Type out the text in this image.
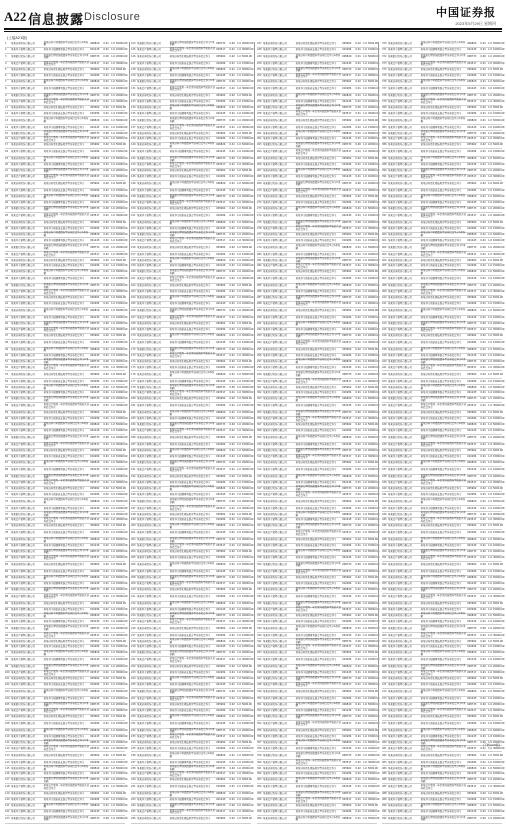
A22 信息披露 Disclosure	中国证券报
2023年5月29日 星期四
(上接A21版)
1	某某证券股份有限公司	某某证券中短债债券型证券投资基金A类份额	006829	0.01 1.0 50000.00
2	某某基金管理有限公司	某某基金稳健增利混合型证券投资基金	001245	0.01 1.0 10000.00
3	某某银行股份有限公司	某某银行理财纯债债券型证券投资基金C类份额	008733	0.00 1.0 20000.00
4	某某资产管理有限公司	某某资产聚利一年定期开放债券型发起式证券投资基金	003517	0.01 1.0 30000.00
5	某某证券股份有限公司	某某证券量化精选股票型证券投资基金	005962	0.02 1.0 5000.00
6	某某基金管理有限公司	某某基金创新成长混合型证券投资基金	010284	0.01 1.0 15000.00
7	某某证券股份有限公司	某某证券中短债债券型证券投资基金A类份额	006829	0.01 1.0 50000.00
8	某某基金管理有限公司	某某基金稳健增利混合型证券投资基金	001245	0.01 1.0 10000.00
9	某某银行股份有限公司	某某银行理财纯债债券型证券投资基金C类份额	008733	0.00 1.0 20000.00
10	某某资产管理有限公司	某某资产聚利一年定期开放债券型发起式证券投资基金	003517	0.01 1.0 30000.00
11	某某证券股份有限公司	某某证券量化精选股票型证券投资基金	005962	0.02 1.0 5000.00
12	某某基金管理有限公司	某某基金创新成长混合型证券投资基金	010284	0.01 1.0 15000.00
13	某某证券股份有限公司	某某证券中短债债券型证券投资基金A类份额	006829	0.01 1.0 50000.00
14	某某基金管理有限公司	某某基金稳健增利混合型证券投资基金	001245	0.01 1.0 10000.00
15	某某银行股份有限公司	某某银行理财纯债债券型证券投资基金C类份额	008733	0.00 1.0 20000.00
16	某某资产管理有限公司	某某资产聚利一年定期开放债券型发起式证券投资基金	003517	0.01 1.0 30000.00
17	某某证券股份有限公司	某某证券量化精选股票型证券投资基金	005962	0.02 1.0 5000.00
18	某某基金管理有限公司	某某基金创新成长混合型证券投资基金	010284	0.01 1.0 15000.00
19	某某证券股份有限公司	某某证券中短债债券型证券投资基金A类份额	006829	0.01 1.0 50000.00
20	某某基金管理有限公司	某某基金稳健增利混合型证券投资基金	001245	0.01 1.0 10000.00
21	某某银行股份有限公司	某某银行理财纯债债券型证券投资基金C类份额	008733	0.00 1.0 20000.00
22	某某资产管理有限公司	某某资产聚利一年定期开放债券型发起式证券投资基金	003517	0.01 1.0 30000.00
23	某某证券股份有限公司	某某证券量化精选股票型证券投资基金	005962	0.02 1.0 5000.00
24	某某基金管理有限公司	某某基金创新成长混合型证券投资基金	010284	0.01 1.0 15000.00
25	某某证券股份有限公司	某某证券中短债债券型证券投资基金A类份额	006829	0.01 1.0 50000.00
26	某某基金管理有限公司	某某基金稳健增利混合型证券投资基金	001245	0.01 1.0 10000.00
27	某某银行股份有限公司	某某银行理财纯债债券型证券投资基金C类份额	008733	0.00 1.0 20000.00
28	某某资产管理有限公司	某某资产聚利一年定期开放债券型发起式证券投资基金	003517	0.01 1.0 30000.00
29	某某证券股份有限公司	某某证券量化精选股票型证券投资基金	005962	0.02 1.0 5000.00
30	某某基金管理有限公司	某某基金创新成长混合型证券投资基金	010284	0.01 1.0 15000.00
31	某某证券股份有限公司	某某证券中短债债券型证券投资基金A类份额	006829	0.01 1.0 50000.00
32	某某基金管理有限公司	某某基金稳健增利混合型证券投资基金	001245	0.01 1.0 10000.00
33	某某银行股份有限公司	某某银行理财纯债债券型证券投资基金C类份额	008733	0.00 1.0 20000.00
34	某某资产管理有限公司	某某资产聚利一年定期开放债券型发起式证券投资基金	003517	0.01 1.0 30000.00
35	某某证券股份有限公司	某某证券量化精选股票型证券投资基金	005962	0.02 1.0 5000.00
36	某某基金管理有限公司	某某基金创新成长混合型证券投资基金	010284	0.01 1.0 15000.00
37	某某证券股份有限公司	某某证券中短债债券型证券投资基金A类份额	006829	0.01 1.0 50000.00
38	某某基金管理有限公司	某某基金稳健增利混合型证券投资基金	001245	0.01 1.0 10000.00
39	某某银行股份有限公司	某某银行理财纯债债券型证券投资基金C类份额	008733	0.00 1.0 20000.00
40	某某资产管理有限公司	某某资产聚利一年定期开放债券型发起式证券投资基金	003517	0.01 1.0 30000.00
41	某某证券股份有限公司	某某证券量化精选股票型证券投资基金	005962	0.02 1.0 5000.00
42	某某基金管理有限公司	某某基金创新成长混合型证券投资基金	010284	0.01 1.0 15000.00
43	某某证券股份有限公司	某某证券中短债债券型证券投资基金A类份额	006829	0.01 1.0 50000.00
44	某某基金管理有限公司	某某基金稳健增利混合型证券投资基金	001245	0.01 1.0 10000.00
45	某某银行股份有限公司	某某银行理财纯债债券型证券投资基金C类份额	008733	0.00 1.0 20000.00
46	某某资产管理有限公司	某某资产聚利一年定期开放债券型发起式证券投资基金	003517	0.01 1.0 30000.00
47	某某证券股份有限公司	某某证券量化精选股票型证券投资基金	005962	0.02 1.0 5000.00
48	某某基金管理有限公司	某某基金创新成长混合型证券投资基金	010284	0.01 1.0 15000.00
49	某某证券股份有限公司	某某证券中短债债券型证券投资基金A类份额	006829	0.01 1.0 50000.00
50	某某基金管理有限公司	某某基金稳健增利混合型证券投资基金	001245	0.01 1.0 10000.00
51	某某银行股份有限公司	某某银行理财纯债债券型证券投资基金C类份额	008733	0.00 1.0 20000.00
52	某某资产管理有限公司	某某资产聚利一年定期开放债券型发起式证券投资基金	003517	0.01 1.0 30000.00
53	某某证券股份有限公司	某某证券量化精选股票型证券投资基金	005962	0.02 1.0 5000.00
54	某某基金管理有限公司	某某基金创新成长混合型证券投资基金	010284	0.01 1.0 15000.00
55	某某证券股份有限公司	某某证券中短债债券型证券投资基金A类份额	006829	0.01 1.0 50000.00
56	某某基金管理有限公司	某某基金稳健增利混合型证券投资基金	001245	0.01 1.0 10000.00
57	某某银行股份有限公司	某某银行理财纯债债券型证券投资基金C类份额	008733	0.00 1.0 20000.00
58	某某资产管理有限公司	某某资产聚利一年定期开放债券型发起式证券投资基金	003517	0.01 1.0 30000.00
59	某某证券股份有限公司	某某证券量化精选股票型证券投资基金	005962	0.02 1.0 5000.00
60	某某基金管理有限公司	某某基金创新成长混合型证券投资基金	010284	0.01 1.0 15000.00
61	某某证券股份有限公司	某某证券中短债债券型证券投资基金A类份额	006829	0.01 1.0 50000.00
62	某某基金管理有限公司	某某基金稳健增利混合型证券投资基金	001245	0.01 1.0 10000.00
63	某某银行股份有限公司	某某银行理财纯债债券型证券投资基金C类份额	008733	0.00 1.0 20000.00
64	某某资产管理有限公司	某某资产聚利一年定期开放债券型发起式证券投资基金	003517	0.01 1.0 30000.00
65	某某证券股份有限公司	某某证券量化精选股票型证券投资基金	005962	0.02 1.0 5000.00
66	某某基金管理有限公司	某某基金创新成长混合型证券投资基金	010284	0.01 1.0 15000.00
67	某某证券股份有限公司	某某证券中短债债券型证券投资基金A类份额	006829	0.01 1.0 50000.00
68	某某基金管理有限公司	某某基金稳健增利混合型证券投资基金	001245	0.01 1.0 10000.00
69	某某银行股份有限公司	某某银行理财纯债债券型证券投资基金C类份额	008733	0.00 1.0 20000.00
70	某某资产管理有限公司	某某资产聚利一年定期开放债券型发起式证券投资基金	003517	0.01 1.0 30000.00
71	某某证券股份有限公司	某某证券量化精选股票型证券投资基金	005962	0.02 1.0 5000.00
72	某某基金管理有限公司	某某基金创新成长混合型证券投资基金	010284	0.01 1.0 15000.00
73	某某证券股份有限公司	某某证券中短债债券型证券投资基金A类份额	006829	0.01 1.0 50000.00
74	某某基金管理有限公司	某某基金稳健增利混合型证券投资基金	001245	0.01 1.0 10000.00
75	某某银行股份有限公司	某某银行理财纯债债券型证券投资基金C类份额	008733	0.00 1.0 20000.00
76	某某资产管理有限公司	某某资产聚利一年定期开放债券型发起式证券投资基金	003517	0.01 1.0 30000.00
77	某某证券股份有限公司	某某证券量化精选股票型证券投资基金	005962	0.02 1.0 5000.00
78	某某基金管理有限公司	某某基金创新成长混合型证券投资基金	010284	0.01 1.0 15000.00
79	某某证券股份有限公司	某某证券中短债债券型证券投资基金A类份额	006829	0.01 1.0 50000.00
80	某某基金管理有限公司	某某基金稳健增利混合型证券投资基金	001245	0.01 1.0 10000.00
81	某某银行股份有限公司	某某银行理财纯债债券型证券投资基金C类份额	008733	0.00 1.0 20000.00
82	某某资产管理有限公司	某某资产聚利一年定期开放债券型发起式证券投资基金	003517	0.01 1.0 30000.00
83	某某证券股份有限公司	某某证券量化精选股票型证券投资基金	005962	0.02 1.0 5000.00
84	某某基金管理有限公司	某某基金创新成长混合型证券投资基金	010284	0.01 1.0 15000.00
85	某某证券股份有限公司	某某证券中短债债券型证券投资基金A类份额	006829	0.01 1.0 50000.00
86	某某基金管理有限公司	某某基金稳健增利混合型证券投资基金	001245	0.01 1.0 10000.00
87	某某银行股份有限公司	某某银行理财纯债债券型证券投资基金C类份额	008733	0.00 1.0 20000.00
88	某某资产管理有限公司	某某资产聚利一年定期开放债券型发起式证券投资基金	003517	0.01 1.0 30000.00
89	某某证券股份有限公司	某某证券量化精选股票型证券投资基金	005962	0.02 1.0 5000.00
90	某某基金管理有限公司	某某基金创新成长混合型证券投资基金	010284	0.01 1.0 15000.00
91	某某证券股份有限公司	某某证券中短债债券型证券投资基金A类份额	006829	0.01 1.0 50000.00
92	某某基金管理有限公司	某某基金稳健增利混合型证券投资基金	001245	0.01 1.0 10000.00
93	某某银行股份有限公司	某某银行理财纯债债券型证券投资基金C类份额	008733	0.00 1.0 20000.00
94	某某资产管理有限公司	某某资产聚利一年定期开放债券型发起式证券投资基金	003517	0.01 1.0 30000.00
95	某某证券股份有限公司	某某证券量化精选股票型证券投资基金	005962	0.02 1.0 5000.00
96	某某基金管理有限公司	某某基金创新成长混合型证券投资基金	010284	0.01 1.0 15000.00
97	某某证券股份有限公司	某某证券中短债债券型证券投资基金A类份额	006829	0.01 1.0 50000.00
98	某某基金管理有限公司	某某基金稳健增利混合型证券投资基金	001245	0.01 1.0 10000.00
99	某某银行股份有限公司	某某银行理财纯债债券型证券投资基金C类份额	008733	0.00 1.0 20000.00
100 某某资产管理有限公司	某某资产聚利一年定期开放债券型发起式证券投资基金	003517	0.01 1.0 30000.00
101 某某证券股份有限公司	某某证券量化精选股票型证券投资基金	005962	0.02 1.0 5000.00
102 某某基金管理有限公司	某某基金创新成长混合型证券投资基金	010284	0.01 1.0 15000.00
103 某某证券股份有限公司	某某证券中短债债券型证券投资基金A类份额	006829	0.01 1.0 50000.00
104 某某基金管理有限公司	某某基金稳健增利混合型证券投资基金	001245	0.01 1.0 10000.00
105 某某银行股份有限公司	某某银行理财纯债债券型证券投资基金C类份额	008733	0.00 1.0 20000.00
106 某某资产管理有限公司	某某资产聚利一年定期开放债券型发起式证券投资基金	003517	0.01 1.0 30000.00
107 某某证券股份有限公司	某某证券量化精选股票型证券投资基金	005962	0.02 1.0 5000.00
108 某某基金管理有限公司	某某基金创新成长混合型证券投资基金	010284	0.01 1.0 15000.00
109 某某证券股份有限公司	某某证券中短债债券型证券投资基金A类份额	006829	0.01 1.0 50000.00
110 某某基金管理有限公司	某某基金稳健增利混合型证券投资基金	001245	0.01 1.0 10000.00
111 某某银行股份有限公司	某某银行理财纯债债券型证券投资基金C类份额	008733	0.00 1.0 20000.00
112 某某资产管理有限公司	某某资产聚利一年定期开放债券型发起式证券投资基金	003517	0.01 1.0 30000.00
113 某某证券股份有限公司	某某证券量化精选股票型证券投资基金	005962	0.02 1.0 5000.00
114 某某基金管理有限公司	某某基金创新成长混合型证券投资基金	010284	0.01 1.0 15000.00
115 某某证券股份有限公司	某某证券中短债债券型证券投资基金A类份额	006829	0.01 1.0 50000.00
116 某某基金管理有限公司	某某基金稳健增利混合型证券投资基金	001245	0.01 1.0 10000.00
117 某某银行股份有限公司	某某银行理财纯债债券型证券投资基金C类份额	008733	0.00 1.0 20000.00
118 某某资产管理有限公司	某某资产聚利一年定期开放债券型发起式证券投资基金	003517	0.01 1.0 30000.00
119 某某证券股份有限公司	某某证券量化精选股票型证券投资基金	005962	0.02 1.0 5000.00
120 某某基金管理有限公司	某某基金创新成长混合型证券投资基金	010284	0.01 1.0 15000.00
121 某某证券股份有限公司	某某证券中短债债券型证券投资基金A类份额	006829	0.01 1.0 50000.00
122 某某基金管理有限公司	某某基金稳健增利混合型证券投资基金	001245	0.01 1.0 10000.00
123 某某银行股份有限公司	某某银行理财纯债债券型证券投资基金C类份额	008733	0.00 1.0 20000.00
124 某某银行股份有限公司	某某银行理财纯债债券型证券投资基金C类份额	008733	0.00 1.0 20000.00
125 某某资产管理有限公司	某某资产聚利一年定期开放债券型发起式证券投资基金	003517	0.01 1.0 30000.00
126 某某证券股份有限公司	某某证券量化精选股票型证券投资基金	005962	0.02 1.0 5000.00
127 某某基金管理有限公司	某某基金创新成长混合型证券投资基金	010284	0.01 1.0 15000.00
128 某某证券股份有限公司	某某证券中短债债券型证券投资基金A类份额	006829	0.01 1.0 50000.00
129 某某基金管理有限公司	某某基金稳健增利混合型证券投资基金	001245	0.01 1.0 10000.00
130 某某银行股份有限公司	某某银行理财纯债债券型证券投资基金C类份额	008733	0.00 1.0 20000.00
131 某某资产管理有限公司	某某资产聚利一年定期开放债券型发起式证券投资基金	003517	0.01 1.0 30000.00
132 某某证券股份有限公司	某某证券量化精选股票型证券投资基金	005962	0.02 1.0 5000.00
133 某某基金管理有限公司	某某基金创新成长混合型证券投资基金	010284	0.01 1.0 15000.00
134 某某证券股份有限公司	某某证券中短债债券型证券投资基金A类份额	006829	0.01 1.0 50000.00
135 某某基金管理有限公司	某某基金稳健增利混合型证券投资基金	001245	0.01 1.0 10000.00
136 某某银行股份有限公司	某某银行理财纯债债券型证券投资基金C类份额	008733	0.00 1.0 20000.00
137 某某资产管理有限公司	某某资产聚利一年定期开放债券型发起式证券投资基金	003517	0.01 1.0 30000.00
138 某某证券股份有限公司	某某证券量化精选股票型证券投资基金	005962	0.02 1.0 5000.00
139 某某基金管理有限公司	某某基金创新成长混合型证券投资基金	010284	0.01 1.0 15000.00
140 某某证券股份有限公司	某某证券中短债债券型证券投资基金A类份额	006829	0.01 1.0 50000.00
141 某某基金管理有限公司	某某基金稳健增利混合型证券投资基金	001245	0.01 1.0 10000.00
142 某某银行股份有限公司	某某银行理财纯债债券型证券投资基金C类份额	008733	0.00 1.0 20000.00
143 某某资产管理有限公司	某某资产聚利一年定期开放债券型发起式证券投资基金	003517	0.01 1.0 30000.00
144 某某证券股份有限公司	某某证券量化精选股票型证券投资基金	005962	0.02 1.0 5000.00
145 某某基金管理有限公司	某某基金创新成长混合型证券投资基金	010284	0.01 1.0 15000.00
146 某某证券股份有限公司	某某证券中短债债券型证券投资基金A类份额	006829	0.01 1.0 50000.00
147 某某基金管理有限公司	某某基金稳健增利混合型证券投资基金	001245	0.01 1.0 10000.00
148 某某银行股份有限公司	某某银行理财纯债债券型证券投资基金C类份额	008733	0.00 1.0 20000.00
149 某某资产管理有限公司	某某资产聚利一年定期开放债券型发起式证券投资基金	003517	0.01 1.0 30000.00
150 某某证券股份有限公司	某某证券量化精选股票型证券投资基金	005962	0.02 1.0 5000.00
151 某某基金管理有限公司	某某基金创新成长混合型证券投资基金	010284	0.01 1.0 15000.00
152 某某证券股份有限公司	某某证券中短债债券型证券投资基金A类份额	006829	0.01 1.0 50000.00
153 某某基金管理有限公司	某某基金稳健增利混合型证券投资基金	001245	0.01 1.0 10000.00
154 某某银行股份有限公司	某某银行理财纯债债券型证券投资基金C类份额	008733	0.00 1.0 20000.00
155 某某资产管理有限公司	某某资产聚利一年定期开放债券型发起式证券投资基金	003517	0.01 1.0 30000.00
156 某某证券股份有限公司	某某证券量化精选股票型证券投资基金	005962	0.02 1.0 5000.00
157 某某基金管理有限公司	某某基金创新成长混合型证券投资基金	010284	0.01 1.0 15000.00
158 某某证券股份有限公司	某某证券中短债债券型证券投资基金A类份额	006829	0.01 1.0 50000.00
159 某某基金管理有限公司	某某基金稳健增利混合型证券投资基金	001245	0.01 1.0 10000.00
160 某某银行股份有限公司	某某银行理财纯债债券型证券投资基金C类份额	008733	0.00 1.0 20000.00
161 某某资产管理有限公司	某某资产聚利一年定期开放债券型发起式证券投资基金	003517	0.01 1.0 30000.00
162 某某证券股份有限公司	某某证券量化精选股票型证券投资基金	005962	0.02 1.0 5000.00
163 某某基金管理有限公司	某某基金创新成长混合型证券投资基金	010284	0.01 1.0 15000.00
164 某某证券股份有限公司	某某证券中短债债券型证券投资基金A类份额	006829	0.01 1.0 50000.00
165 某某基金管理有限公司	某某基金稳健增利混合型证券投资基金	001245	0.01 1.0 10000.00
166 某某银行股份有限公司	某某银行理财纯债债券型证券投资基金C类份额	008733	0.00 1.0 20000.00
167 某某资产管理有限公司	某某资产聚利一年定期开放债券型发起式证券投资基金	003517	0.01 1.0 30000.00
168 某某证券股份有限公司	某某证券量化精选股票型证券投资基金	005962	0.02 1.0 5000.00
169 某某基金管理有限公司	某某基金创新成长混合型证券投资基金	010284	0.01 1.0 15000.00
170 某某证券股份有限公司	某某证券中短债债券型证券投资基金A类份额	006829	0.01 1.0 50000.00
171 某某基金管理有限公司	某某基金稳健增利混合型证券投资基金	001245	0.01 1.0 10000.00
172 某某银行股份有限公司	某某银行理财纯债债券型证券投资基金C类份额	008733	0.00 1.0 20000.00
173 某某资产管理有限公司	某某资产聚利一年定期开放债券型发起式证券投资基金	003517	0.01 1.0 30000.00
174 某某证券股份有限公司	某某证券量化精选股票型证券投资基金	005962	0.02 1.0 5000.00
175 某某基金管理有限公司	某某基金创新成长混合型证券投资基金	010284	0.01 1.0 15000.00
176 某某证券股份有限公司	某某证券中短债债券型证券投资基金A类份额	006829	0.01 1.0 50000.00
177 某某基金管理有限公司	某某基金稳健增利混合型证券投资基金	001245	0.01 1.0 10000.00
178 某某银行股份有限公司	某某银行理财纯债债券型证券投资基金C类份额	008733	0.00 1.0 20000.00
179 某某资产管理有限公司	某某资产聚利一年定期开放债券型发起式证券投资基金	003517	0.01 1.0 30000.00
180 某某证券股份有限公司	某某证券量化精选股票型证券投资基金	005962	0.02 1.0 5000.00
181 某某基金管理有限公司	某某基金创新成长混合型证券投资基金	010284	0.01 1.0 15000.00
182 某某证券股份有限公司	某某证券中短债债券型证券投资基金A类份额	006829	0.01 1.0 50000.00
183 某某基金管理有限公司	某某基金稳健增利混合型证券投资基金	001245	0.01 1.0 10000.00
184 某某银行股份有限公司	某某银行理财纯债债券型证券投资基金C类份额	008733	0.00 1.0 20000.00
185 某某资产管理有限公司	某某资产聚利一年定期开放债券型发起式证券投资基金	003517	0.01 1.0 30000.00
186 某某证券股份有限公司	某某证券量化精选股票型证券投资基金	005962	0.02 1.0 5000.00
187 某某基金管理有限公司	某某基金创新成长混合型证券投资基金	010284	0.01 1.0 15000.00
188 某某证券股份有限公司	某某证券中短债债券型证券投资基金A类份额	006829	0.01 1.0 50000.00
189 某某基金管理有限公司	某某基金稳健增利混合型证券投资基金	001245	0.01 1.0 10000.00
190 某某银行股份有限公司	某某银行理财纯债债券型证券投资基金C类份额	008733	0.00 1.0 20000.00
191 某某资产管理有限公司	某某资产聚利一年定期开放债券型发起式证券投资基金	003517	0.01 1.0 30000.00
192 某某证券股份有限公司	某某证券量化精选股票型证券投资基金	005962	0.02 1.0 5000.00
193 某某基金管理有限公司	某某基金创新成长混合型证券投资基金	010284	0.01 1.0 15000.00
194 某某证券股份有限公司	某某证券中短债债券型证券投资基金A类份额	006829	0.01 1.0 50000.00
195 某某基金管理有限公司	某某基金稳健增利混合型证券投资基金	001245	0.01 1.0 10000.00
196 某某银行股份有限公司	某某银行理财纯债债券型证券投资基金C类份额	008733	0.00 1.0 20000.00
197 某某资产管理有限公司	某某资产聚利一年定期开放债券型发起式证券投资基金	003517	0.01 1.0 30000.00
198 某某证券股份有限公司	某某证券量化精选股票型证券投资基金	005962	0.02 1.0 5000.00
199 某某基金管理有限公司	某某基金创新成长混合型证券投资基金	010284	0.01 1.0 15000.00
200 某某证券股份有限公司	某某证券中短债债券型证券投资基金A类份额	006829	0.01 1.0 50000.00
201 某某基金管理有限公司	某某基金稳健增利混合型证券投资基金	001245	0.01 1.0 10000.00
202 某某银行股份有限公司	某某银行理财纯债债券型证券投资基金C类份额	008733	0.00 1.0 20000.00
203 某某资产管理有限公司	某某资产聚利一年定期开放债券型发起式证券投资基金	003517	0.01 1.0 30000.00
204 某某证券股份有限公司	某某证券量化精选股票型证券投资基金	005962	0.02 1.0 5000.00
205 某某基金管理有限公司	某某基金创新成长混合型证券投资基金	010284	0.01 1.0 15000.00
206 某某证券股份有限公司	某某证券中短债债券型证券投资基金A类份额	006829	0.01 1.0 50000.00
207 某某基金管理有限公司	某某基金稳健增利混合型证券投资基金	001245	0.01 1.0 10000.00
208 某某银行股份有限公司	某某银行理财纯债债券型证券投资基金C类份额	008733	0.00 1.0 20000.00
209 某某资产管理有限公司	某某资产聚利一年定期开放债券型发起式证券投资基金	003517	0.01 1.0 30000.00
210 某某证券股份有限公司	某某证券量化精选股票型证券投资基金	005962	0.02 1.0 5000.00
211 某某基金管理有限公司	某某基金创新成长混合型证券投资基金	010284	0.01 1.0 15000.00
212 某某证券股份有限公司	某某证券中短债债券型证券投资基金A类份额	006829	0.01 1.0 50000.00
213 某某基金管理有限公司	某某基金稳健增利混合型证券投资基金	001245	0.01 1.0 10000.00
214 某某银行股份有限公司	某某银行理财纯债债券型证券投资基金C类份额	008733	0.00 1.0 20000.00
215 某某资产管理有限公司	某某资产聚利一年定期开放债券型发起式证券投资基金	003517	0.01 1.0 30000.00
216 某某证券股份有限公司	某某证券量化精选股票型证券投资基金	005962	0.02 1.0 5000.00
217 某某基金管理有限公司	某某基金创新成长混合型证券投资基金	010284	0.01 1.0 15000.00
218 某某证券股份有限公司	某某证券中短债债券型证券投资基金A类份额	006829	0.01 1.0 50000.00
219 某某基金管理有限公司	某某基金稳健增利混合型证券投资基金	001245	0.01 1.0 10000.00
220 某某银行股份有限公司	某某银行理财纯债债券型证券投资基金C类份额	008733	0.00 1.0 20000.00
221 某某资产管理有限公司	某某资产聚利一年定期开放债券型发起式证券投资基金	003517	0.01 1.0 30000.00
222 某某证券股份有限公司	某某证券量化精选股票型证券投资基金	005962	0.02 1.0 5000.00
223 某某基金管理有限公司	某某基金创新成长混合型证券投资基金	010284	0.01 1.0 15000.00
224 某某证券股份有限公司	某某证券中短债债券型证券投资基金A类份额	006829	0.01 1.0 50000.00
225 某某基金管理有限公司	某某基金稳健增利混合型证券投资基金	001245	0.01 1.0 10000.00
226 某某银行股份有限公司	某某银行理财纯债债券型证券投资基金C类份额	008733	0.00 1.0 20000.00
227 某某资产管理有限公司	某某资产聚利一年定期开放债券型发起式证券投资基金	003517	0.01 1.0 30000.00
228 某某证券股份有限公司	某某证券量化精选股票型证券投资基金	005962	0.02 1.0 5000.00
229 某某基金管理有限公司	某某基金创新成长混合型证券投资基金	010284	0.01 1.0 15000.00
230 某某证券股份有限公司	某某证券中短债债券型证券投资基金A类份额	006829	0.01 1.0 50000.00
231 某某基金管理有限公司	某某基金稳健增利混合型证券投资基金	001245	0.01 1.0 10000.00
232 某某银行股份有限公司	某某银行理财纯债债券型证券投资基金C类份额	008733	0.00 1.0 20000.00
233 某某资产管理有限公司	某某资产聚利一年定期开放债券型发起式证券投资基金	003517	0.01 1.0 30000.00
234 某某证券股份有限公司	某某证券量化精选股票型证券投资基金	005962	0.02 1.0 5000.00
235 某某基金管理有限公司	某某基金创新成长混合型证券投资基金	010284	0.01 1.0 15000.00
236 某某证券股份有限公司	某某证券中短债债券型证券投资基金A类份额	006829	0.01 1.0 50000.00
237 某某基金管理有限公司	某某基金稳健增利混合型证券投资基金	001245	0.01 1.0 10000.00
238 某某银行股份有限公司	某某银行理财纯债债券型证券投资基金C类份额	008733	0.00 1.0 20000.00
239 某某资产管理有限公司	某某资产聚利一年定期开放债券型发起式证券投资基金	003517	0.01 1.0 30000.00
240 某某证券股份有限公司	某某证券量化精选股票型证券投资基金	005962	0.02 1.0 5000.00
241 某某基金管理有限公司	某某基金创新成长混合型证券投资基金	010284	0.01 1.0 15000.00
242 某某证券股份有限公司	某某证券中短债债券型证券投资基金A类份额	006829	0.01 1.0 50000.00
243 某某基金管理有限公司	某某基金稳健增利混合型证券投资基金	001245	0.01 1.0 10000.00
244 某某银行股份有限公司	某某银行理财纯债债券型证券投资基金C类份额	008733	0.00 1.0 20000.00
245 某某资产管理有限公司	某某资产聚利一年定期开放债券型发起式证券投资基金	003517	0.01 1.0 30000.00
246 某某证券股份有限公司	某某证券量化精选股票型证券投资基金	005962	0.02 1.0 5000.00
247 某某证券股份有限公司	某某证券量化精选股票型证券投资基金	005962	0.02 1.0 5000.00
248 某某基金管理有限公司	某某基金创新成长混合型证券投资基金	010284	0.01 1.0 15000.00
249 某某证券股份有限公司	某某证券中短债债券型证券投资基金A类份额	006829	0.01 1.0 50000.00
250 某某基金管理有限公司	某某基金稳健增利混合型证券投资基金	001245	0.01 1.0 10000.00
251 某某银行股份有限公司	某某银行理财纯债债券型证券投资基金C类份额	008733	0.00 1.0 20000.00
252 某某资产管理有限公司	某某资产聚利一年定期开放债券型发起式证券投资基金	003517	0.01 1.0 30000.00
253 某某证券股份有限公司	某某证券量化精选股票型证券投资基金	005962	0.02 1.0 5000.00
254 某某基金管理有限公司	某某基金创新成长混合型证券投资基金	010284	0.01 1.0 15000.00
255 某某证券股份有限公司	某某证券中短债债券型证券投资基金A类份额	006829	0.01 1.0 50000.00
256 某某基金管理有限公司	某某基金稳健增利混合型证券投资基金	001245	0.01 1.0 10000.00
257 某某银行股份有限公司	某某银行理财纯债债券型证券投资基金C类份额	008733	0.00 1.0 20000.00
258 某某资产管理有限公司	某某资产聚利一年定期开放债券型发起式证券投资基金	003517	0.01 1.0 30000.00
259 某某证券股份有限公司	某某证券量化精选股票型证券投资基金	005962	0.02 1.0 5000.00
260 某某基金管理有限公司	某某基金创新成长混合型证券投资基金	010284	0.01 1.0 15000.00
261 某某证券股份有限公司	某某证券中短债债券型证券投资基金A类份额	006829	0.01 1.0 50000.00
262 某某基金管理有限公司	某某基金稳健增利混合型证券投资基金	001245	0.01 1.0 10000.00
263 某某银行股份有限公司	某某银行理财纯债债券型证券投资基金C类份额	008733	0.00 1.0 20000.00
264 某某资产管理有限公司	某某资产聚利一年定期开放债券型发起式证券投资基金	003517	0.01 1.0 30000.00
265 某某证券股份有限公司	某某证券量化精选股票型证券投资基金	005962	0.02 1.0 5000.00
266 某某基金管理有限公司	某某基金创新成长混合型证券投资基金	010284	0.01 1.0 15000.00
267 某某证券股份有限公司	某某证券中短债债券型证券投资基金A类份额	006829	0.01 1.0 50000.00
268 某某基金管理有限公司	某某基金稳健增利混合型证券投资基金	001245	0.01 1.0 10000.00
269 某某银行股份有限公司	某某银行理财纯债债券型证券投资基金C类份额	008733	0.00 1.0 20000.00
270 某某资产管理有限公司	某某资产聚利一年定期开放债券型发起式证券投资基金	003517	0.01 1.0 30000.00
271 某某证券股份有限公司	某某证券量化精选股票型证券投资基金	005962	0.02 1.0 5000.00
272 某某基金管理有限公司	某某基金创新成长混合型证券投资基金	010284	0.01 1.0 15000.00
273 某某证券股份有限公司	某某证券中短债债券型证券投资基金A类份额	006829	0.01 1.0 50000.00
274 某某基金管理有限公司	某某基金稳健增利混合型证券投资基金	001245	0.01 1.0 10000.00
275 某某银行股份有限公司	某某银行理财纯债债券型证券投资基金C类份额	008733	0.00 1.0 20000.00
276 某某资产管理有限公司	某某资产聚利一年定期开放债券型发起式证券投资基金	003517	0.01 1.0 30000.00
277 某某证券股份有限公司	某某证券量化精选股票型证券投资基金	005962	0.02 1.0 5000.00
278 某某基金管理有限公司	某某基金创新成长混合型证券投资基金	010284	0.01 1.0 15000.00
279 某某证券股份有限公司	某某证券中短债债券型证券投资基金A类份额	006829	0.01 1.0 50000.00
280 某某基金管理有限公司	某某基金稳健增利混合型证券投资基金	001245	0.01 1.0 10000.00
281 某某银行股份有限公司	某某银行理财纯债债券型证券投资基金C类份额	008733	0.00 1.0 20000.00
282 某某资产管理有限公司	某某资产聚利一年定期开放债券型发起式证券投资基金	003517	0.01 1.0 30000.00
283 某某证券股份有限公司	某某证券量化精选股票型证券投资基金	005962	0.02 1.0 5000.00
284 某某基金管理有限公司	某某基金创新成长混合型证券投资基金	010284	0.01 1.0 15000.00
285 某某证券股份有限公司	某某证券中短债债券型证券投资基金A类份额	006829	0.01 1.0 50000.00
286 某某基金管理有限公司	某某基金稳健增利混合型证券投资基金	001245	0.01 1.0 10000.00
287 某某银行股份有限公司	某某银行理财纯债债券型证券投资基金C类份额	008733	0.00 1.0 20000.00
288 某某资产管理有限公司	某某资产聚利一年定期开放债券型发起式证券投资基金	003517	0.01 1.0 30000.00
289 某某证券股份有限公司	某某证券量化精选股票型证券投资基金	005962	0.02 1.0 5000.00
290 某某基金管理有限公司	某某基金创新成长混合型证券投资基金	010284	0.01 1.0 15000.00
291 某某证券股份有限公司	某某证券中短债债券型证券投资基金A类份额	006829	0.01 1.0 50000.00
292 某某基金管理有限公司	某某基金稳健增利混合型证券投资基金	001245	0.01 1.0 10000.00
293 某某银行股份有限公司	某某银行理财纯债债券型证券投资基金C类份额	008733	0.00 1.0 20000.00
294 某某资产管理有限公司	某某资产聚利一年定期开放债券型发起式证券投资基金	003517	0.01 1.0 30000.00
295 某某证券股份有限公司	某某证券量化精选股票型证券投资基金	005962	0.02 1.0 5000.00
296 某某基金管理有限公司	某某基金创新成长混合型证券投资基金	010284	0.01 1.0 15000.00
297 某某证券股份有限公司	某某证券中短债债券型证券投资基金A类份额	006829	0.01 1.0 50000.00
298 某某基金管理有限公司	某某基金稳健增利混合型证券投资基金	001245	0.01 1.0 10000.00
299 某某银行股份有限公司	某某银行理财纯债债券型证券投资基金C类份额	008733	0.00 1.0 20000.00
300 某某资产管理有限公司	某某资产聚利一年定期开放债券型发起式证券投资基金	003517	0.01 1.0 30000.00
301 某某证券股份有限公司	某某证券量化精选股票型证券投资基金	005962	0.02 1.0 5000.00
302 某某基金管理有限公司	某某基金创新成长混合型证券投资基金	010284	0.01 1.0 15000.00
303 某某证券股份有限公司	某某证券中短债债券型证券投资基金A类份额	006829	0.01 1.0 50000.00
304 某某基金管理有限公司	某某基金稳健增利混合型证券投资基金	001245	0.01 1.0 10000.00
305 某某银行股份有限公司	某某银行理财纯债债券型证券投资基金C类份额	008733	0.00 1.0 20000.00
306 某某资产管理有限公司	某某资产聚利一年定期开放债券型发起式证券投资基金	003517	0.01 1.0 30000.00
307 某某证券股份有限公司	某某证券量化精选股票型证券投资基金	005962	0.02 1.0 5000.00
308 某某基金管理有限公司	某某基金创新成长混合型证券投资基金	010284	0.01 1.0 15000.00
309 某某证券股份有限公司	某某证券中短债债券型证券投资基金A类份额	006829	0.01 1.0 50000.00
310 某某基金管理有限公司	某某基金稳健增利混合型证券投资基金	001245	0.01 1.0 10000.00
311 某某银行股份有限公司	某某银行理财纯债债券型证券投资基金C类份额	008733	0.00 1.0 20000.00
312 某某资产管理有限公司	某某资产聚利一年定期开放债券型发起式证券投资基金	003517	0.01 1.0 30000.00
313 某某证券股份有限公司	某某证券量化精选股票型证券投资基金	005962	0.02 1.0 5000.00
314 某某基金管理有限公司	某某基金创新成长混合型证券投资基金	010284	0.01 1.0 15000.00
315 某某证券股份有限公司	某某证券中短债债券型证券投资基金A类份额	006829	0.01 1.0 50000.00
316 某某基金管理有限公司	某某基金稳健增利混合型证券投资基金	001245	0.01 1.0 10000.00
317 某某银行股份有限公司	某某银行理财纯债债券型证券投资基金C类份额	008733	0.00 1.0 20000.00
318 某某资产管理有限公司	某某资产聚利一年定期开放债券型发起式证券投资基金	003517	0.01 1.0 30000.00
319 某某证券股份有限公司	某某证券量化精选股票型证券投资基金	005962	0.02 1.0 5000.00
320 某某基金管理有限公司	某某基金创新成长混合型证券投资基金	010284	0.01 1.0 15000.00
321 某某证券股份有限公司	某某证券中短债债券型证券投资基金A类份额	006829	0.01 1.0 50000.00
322 某某基金管理有限公司	某某基金稳健增利混合型证券投资基金	001245	0.01 1.0 10000.00
323 某某银行股份有限公司	某某银行理财纯债债券型证券投资基金C类份额	008733	0.00 1.0 20000.00
324 某某资产管理有限公司	某某资产聚利一年定期开放债券型发起式证券投资基金	003517	0.01 1.0 30000.00
325 某某证券股份有限公司	某某证券量化精选股票型证券投资基金	005962	0.02 1.0 5000.00
326 某某基金管理有限公司	某某基金创新成长混合型证券投资基金	010284	0.01 1.0 15000.00
327 某某证券股份有限公司	某某证券中短债债券型证券投资基金A类份额	006829	0.01 1.0 50000.00
328 某某基金管理有限公司	某某基金稳健增利混合型证券投资基金	001245	0.01 1.0 10000.00
329 某某银行股份有限公司	某某银行理财纯债债券型证券投资基金C类份额	008733	0.00 1.0 20000.00
330 某某资产管理有限公司	某某资产聚利一年定期开放债券型发起式证券投资基金	003517	0.01 1.0 30000.00
331 某某证券股份有限公司	某某证券量化精选股票型证券投资基金	005962	0.02 1.0 5000.00
332 某某基金管理有限公司	某某基金创新成长混合型证券投资基金	010284	0.01 1.0 15000.00
333 某某证券股份有限公司	某某证券中短债债券型证券投资基金A类份额	006829	0.01 1.0 50000.00
334 某某基金管理有限公司	某某基金稳健增利混合型证券投资基金	001245	0.01 1.0 10000.00
335 某某银行股份有限公司	某某银行理财纯债债券型证券投资基金C类份额	008733	0.00 1.0 20000.00
336 某某资产管理有限公司	某某资产聚利一年定期开放债券型发起式证券投资基金	003517	0.01 1.0 30000.00
337 某某证券股份有限公司	某某证券量化精选股票型证券投资基金	005962	0.02 1.0 5000.00
338 某某基金管理有限公司	某某基金创新成长混合型证券投资基金	010284	0.01 1.0 15000.00
339 某某证券股份有限公司	某某证券中短债债券型证券投资基金A类份额	006829	0.01 1.0 50000.00
340 某某基金管理有限公司	某某基金稳健增利混合型证券投资基金	001245	0.01 1.0 10000.00
341 某某银行股份有限公司	某某银行理财纯债债券型证券投资基金C类份额	008733	0.00 1.0 20000.00
342 某某资产管理有限公司	某某资产聚利一年定期开放债券型发起式证券投资基金	003517	0.01 1.0 30000.00
343 某某证券股份有限公司	某某证券量化精选股票型证券投资基金	005962	0.02 1.0 5000.00
344 某某基金管理有限公司	某某基金创新成长混合型证券投资基金	010284	0.01 1.0 15000.00
345 某某证券股份有限公司	某某证券中短债债券型证券投资基金A类份额	006829	0.01 1.0 50000.00
346 某某基金管理有限公司	某某基金稳健增利混合型证券投资基金	001245	0.01 1.0 10000.00
347 某某银行股份有限公司	某某银行理财纯债债券型证券投资基金C类份额	008733	0.00 1.0 20000.00
348 某某资产管理有限公司	某某资产聚利一年定期开放债券型发起式证券投资基金	003517	0.01 1.0 30000.00
349 某某证券股份有限公司	某某证券量化精选股票型证券投资基金	005962	0.02 1.0 5000.00
350 某某基金管理有限公司	某某基金创新成长混合型证券投资基金	010284	0.01 1.0 15000.00
351 某某证券股份有限公司	某某证券中短债债券型证券投资基金A类份额	006829	0.01 1.0 50000.00
352 某某基金管理有限公司	某某基金稳健增利混合型证券投资基金	001245	0.01 1.0 10000.00
353 某某银行股份有限公司	某某银行理财纯债债券型证券投资基金C类份额	008733	0.00 1.0 20000.00
354 某某资产管理有限公司	某某资产聚利一年定期开放债券型发起式证券投资基金	003517	0.01 1.0 30000.00
355 某某证券股份有限公司	某某证券量化精选股票型证券投资基金	005962	0.02 1.0 5000.00
356 某某基金管理有限公司	某某基金创新成长混合型证券投资基金	010284	0.01 1.0 15000.00
357 某某证券股份有限公司	某某证券中短债债券型证券投资基金A类份额	006829	0.01 1.0 50000.00
358 某某基金管理有限公司	某某基金稳健增利混合型证券投资基金	001245	0.01 1.0 10000.00
359 某某银行股份有限公司	某某银行理财纯债债券型证券投资基金C类份额	008733	0.00 1.0 20000.00
360 某某资产管理有限公司	某某资产聚利一年定期开放债券型发起式证券投资基金	003517	0.01 1.0 30000.00
361 某某证券股份有限公司	某某证券量化精选股票型证券投资基金	005962	0.02 1.0 5000.00
362 某某基金管理有限公司	某某基金创新成长混合型证券投资基金	010284	0.01 1.0 15000.00
363 某某证券股份有限公司	某某证券中短债债券型证券投资基金A类份额	006829	0.01 1.0 50000.00
364 某某基金管理有限公司	某某基金稳健增利混合型证券投资基金	001245	0.01 1.0 10000.00
365 某某银行股份有限公司	某某银行理财纯债债券型证券投资基金C类份额	008733	0.00 1.0 20000.00
366 某某资产管理有限公司	某某资产聚利一年定期开放债券型发起式证券投资基金	003517	0.01 1.0 30000.00
367 某某证券股份有限公司	某某证券量化精选股票型证券投资基金	005962	0.02 1.0 5000.00
368 某某基金管理有限公司	某某基金创新成长混合型证券投资基金	010284	0.01 1.0 15000.00
369 某某证券股份有限公司	某某证券中短债债券型证券投资基金A类份额	006829	0.01 1.0 50000.00
370 某某证券股份有限公司	某某证券中短债债券型证券投资基金A类份额	006829	0.01 1.0 50000.00
371 某某基金管理有限公司	某某基金稳健增利混合型证券投资基金	001245	0.01 1.0 10000.00
372 某某银行股份有限公司	某某银行理财纯债债券型证券投资基金C类份额	008733	0.00 1.0 20000.00
373 某某资产管理有限公司	某某资产聚利一年定期开放债券型发起式证券投资基金	003517	0.01 1.0 30000.00
374 某某证券股份有限公司	某某证券量化精选股票型证券投资基金	005962	0.02 1.0 5000.00
375 某某基金管理有限公司	某某基金创新成长混合型证券投资基金	010284	0.01 1.0 15000.00
376 某某证券股份有限公司	某某证券中短债债券型证券投资基金A类份额	006829	0.01 1.0 50000.00
377 某某基金管理有限公司	某某基金稳健增利混合型证券投资基金	001245	0.01 1.0 10000.00
378 某某银行股份有限公司	某某银行理财纯债债券型证券投资基金C类份额	008733	0.00 1.0 20000.00
379 某某资产管理有限公司	某某资产聚利一年定期开放债券型发起式证券投资基金	003517	0.01 1.0 30000.00
380 某某证券股份有限公司	某某证券量化精选股票型证券投资基金	005962	0.02 1.0 5000.00
381 某某基金管理有限公司	某某基金创新成长混合型证券投资基金	010284	0.01 1.0 15000.00
382 某某证券股份有限公司	某某证券中短债债券型证券投资基金A类份额	006829	0.01 1.0 50000.00
383 某某基金管理有限公司	某某基金稳健增利混合型证券投资基金	001245	0.01 1.0 10000.00
384 某某银行股份有限公司	某某银行理财纯债债券型证券投资基金C类份额	008733	0.00 1.0 20000.00
385 某某资产管理有限公司	某某资产聚利一年定期开放债券型发起式证券投资基金	003517	0.01 1.0 30000.00
386 某某证券股份有限公司	某某证券量化精选股票型证券投资基金	005962	0.02 1.0 5000.00
387 某某基金管理有限公司	某某基金创新成长混合型证券投资基金	010284	0.01 1.0 15000.00
388 某某证券股份有限公司	某某证券中短债债券型证券投资基金A类份额	006829	0.01 1.0 50000.00
389 某某基金管理有限公司	某某基金稳健增利混合型证券投资基金	001245	0.01 1.0 10000.00
390 某某银行股份有限公司	某某银行理财纯债债券型证券投资基金C类份额	008733	0.00 1.0 20000.00
391 某某资产管理有限公司	某某资产聚利一年定期开放债券型发起式证券投资基金	003517	0.01 1.0 30000.00
392 某某证券股份有限公司	某某证券量化精选股票型证券投资基金	005962	0.02 1.0 5000.00
393 某某基金管理有限公司	某某基金创新成长混合型证券投资基金	010284	0.01 1.0 15000.00
394 某某证券股份有限公司	某某证券中短债债券型证券投资基金A类份额	006829	0.01 1.0 50000.00
395 某某基金管理有限公司	某某基金稳健增利混合型证券投资基金	001245	0.01 1.0 10000.00
396 某某银行股份有限公司	某某银行理财纯债债券型证券投资基金C类份额	008733	0.00 1.0 20000.00
397 某某资产管理有限公司	某某资产聚利一年定期开放债券型发起式证券投资基金	003517	0.01 1.0 30000.00
398 某某证券股份有限公司	某某证券量化精选股票型证券投资基金	005962	0.02 1.0 5000.00
399 某某基金管理有限公司	某某基金创新成长混合型证券投资基金	010284	0.01 1.0 15000.00
400 某某证券股份有限公司	某某证券中短债债券型证券投资基金A类份额	006829	0.01 1.0 50000.00
401 某某基金管理有限公司	某某基金稳健增利混合型证券投资基金	001245	0.01 1.0 10000.00
402 某某银行股份有限公司	某某银行理财纯债债券型证券投资基金C类份额	008733	0.00 1.0 20000.00
403 某某资产管理有限公司	某某资产聚利一年定期开放债券型发起式证券投资基金	003517	0.01 1.0 30000.00
404 某某证券股份有限公司	某某证券量化精选股票型证券投资基金	005962	0.02 1.0 5000.00
405 某某基金管理有限公司	某某基金创新成长混合型证券投资基金	010284	0.01 1.0 15000.00
406 某某证券股份有限公司	某某证券中短债债券型证券投资基金A类份额	006829	0.01 1.0 50000.00
407 某某基金管理有限公司	某某基金稳健增利混合型证券投资基金	001245	0.01 1.0 10000.00
408 某某银行股份有限公司	某某银行理财纯债债券型证券投资基金C类份额	008733	0.00 1.0 20000.00
409 某某资产管理有限公司	某某资产聚利一年定期开放债券型发起式证券投资基金	003517	0.01 1.0 30000.00
410 某某证券股份有限公司	某某证券量化精选股票型证券投资基金	005962	0.02 1.0 5000.00
411 某某基金管理有限公司	某某基金创新成长混合型证券投资基金	010284	0.01 1.0 15000.00
412 某某证券股份有限公司	某某证券中短债债券型证券投资基金A类份额	006829	0.01 1.0 50000.00
413 某某基金管理有限公司	某某基金稳健增利混合型证券投资基金	001245	0.01 1.0 10000.00
414 某某银行股份有限公司	某某银行理财纯债债券型证券投资基金C类份额	008733	0.00 1.0 20000.00
415 某某资产管理有限公司	某某资产聚利一年定期开放债券型发起式证券投资基金	003517	0.01 1.0 30000.00
416 某某证券股份有限公司	某某证券量化精选股票型证券投资基金	005962	0.02 1.0 5000.00
417 某某基金管理有限公司	某某基金创新成长混合型证券投资基金	010284	0.01 1.0 15000.00
418 某某证券股份有限公司	某某证券中短债债券型证券投资基金A类份额	006829	0.01 1.0 50000.00
419 某某基金管理有限公司	某某基金稳健增利混合型证券投资基金	001245	0.01 1.0 10000.00
420 某某银行股份有限公司	某某银行理财纯债债券型证券投资基金C类份额	008733	0.00 1.0 20000.00
421 某某资产管理有限公司	某某资产聚利一年定期开放债券型发起式证券投资基金	003517	0.01 1.0 30000.00
422 某某证券股份有限公司	某某证券量化精选股票型证券投资基金	005962	0.02 1.0 5000.00
423 某某基金管理有限公司	某某基金创新成长混合型证券投资基金	010284	0.01 1.0 15000.00
424 某某证券股份有限公司	某某证券中短债债券型证券投资基金A类份额	006829	0.01 1.0 50000.00
425 某某基金管理有限公司	某某基金稳健增利混合型证券投资基金	001245	0.01 1.0 10000.00
426 某某银行股份有限公司	某某银行理财纯债债券型证券投资基金C类份额	008733	0.00 1.0 20000.00
427 某某资产管理有限公司	某某资产聚利一年定期开放债券型发起式证券投资基金	003517	0.01 1.0 30000.00
428 某某证券股份有限公司	某某证券量化精选股票型证券投资基金	005962	0.02 1.0 5000.00
429 某某基金管理有限公司	某某基金创新成长混合型证券投资基金	010284	0.01 1.0 15000.00
430 某某证券股份有限公司	某某证券中短债债券型证券投资基金A类份额	006829	0.01 1.0 50000.00
431 某某基金管理有限公司	某某基金稳健增利混合型证券投资基金	001245	0.01 1.0 10000.00
432 某某银行股份有限公司	某某银行理财纯债债券型证券投资基金C类份额	008733	0.00 1.0 20000.00
433 某某资产管理有限公司	某某资产聚利一年定期开放债券型发起式证券投资基金	003517	0.01 1.0 30000.00
434 某某证券股份有限公司	某某证券量化精选股票型证券投资基金	005962	0.02 1.0 5000.00
435 某某基金管理有限公司	某某基金创新成长混合型证券投资基金	010284	0.01 1.0 15000.00
436 某某证券股份有限公司	某某证券中短债债券型证券投资基金A类份额	006829	0.01 1.0 50000.00
437 某某基金管理有限公司	某某基金稳健增利混合型证券投资基金	001245	0.01 1.0 10000.00
438 某某银行股份有限公司	某某银行理财纯债债券型证券投资基金C类份额	008733	0.00 1.0 20000.00
439 某某资产管理有限公司	某某资产聚利一年定期开放债券型发起式证券投资基金	003517	0.01 1.0 30000.00
440 某某证券股份有限公司	某某证券量化精选股票型证券投资基金	005962	0.02 1.0 5000.00
441 某某基金管理有限公司	某某基金创新成长混合型证券投资基金	010284	0.01 1.0 15000.00
442 某某证券股份有限公司	某某证券中短债债券型证券投资基金A类份额	006829	0.01 1.0 50000.00
443 某某基金管理有限公司	某某基金稳健增利混合型证券投资基金	001245	0.01 1.0 10000.00
444 某某银行股份有限公司	某某银行理财纯债债券型证券投资基金C类份额	008733	0.00 1.0 20000.00
445 某某资产管理有限公司	某某资产聚利一年定期开放债券型发起式证券投资基金	003517	0.01 1.0 30000.00
446 某某证券股份有限公司	某某证券量化精选股票型证券投资基金	005962	0.02 1.0 5000.00
447 某某基金管理有限公司	某某基金创新成长混合型证券投资基金	010284	0.01 1.0 15000.00
448 某某证券股份有限公司	某某证券中短债债券型证券投资基金A类份额	006829	0.01 1.0 50000.00
449 某某基金管理有限公司	某某基金稳健增利混合型证券投资基金	001245	0.01 1.0 10000.00
450 某某银行股份有限公司	某某银行理财纯债债券型证券投资基金C类份额	008733	0.00 1.0 20000.00
451 某某资产管理有限公司	某某资产聚利一年定期开放债券型发起式证券投资基金	003517	0.01 1.0 30000.00
452 某某证券股份有限公司	某某证券量化精选股票型证券投资基金	005962	0.02 1.0 5000.00
453 某某基金管理有限公司	某某基金创新成长混合型证券投资基金	010284	0.01 1.0 15000.00
454 某某证券股份有限公司	某某证券中短债债券型证券投资基金A类份额	006829	0.01 1.0 50000.00
455 某某基金管理有限公司	某某基金稳健增利混合型证券投资基金	001245	0.01 1.0 10000.00
456 某某银行股份有限公司	某某银行理财纯债债券型证券投资基金C类份额	008733	0.00 1.0 20000.00
457 某某资产管理有限公司	某某资产聚利一年定期开放债券型发起式证券投资基金	003517	0.01 1.0 30000.00
458 某某证券股份有限公司	某某证券量化精选股票型证券投资基金	005962	0.02 1.0 5000.00
459 某某基金管理有限公司	某某基金创新成长混合型证券投资基金	010284	0.01 1.0 15000.00
460 某某证券股份有限公司	某某证券中短债债券型证券投资基金A类份额	006829	0.01 1.0 50000.00
461 某某基金管理有限公司	某某基金稳健增利混合型证券投资基金	001245	0.01 1.0 10000.00
462 某某银行股份有限公司	某某银行理财纯债债券型证券投资基金C类份额	008733	0.00 1.0 20000.00
463 某某资产管理有限公司	某某资产聚利一年定期开放债券型发起式证券投资基金	003517	0.01 1.0 30000.00
464 某某证券股份有限公司	某某证券量化精选股票型证券投资基金	005962	0.02 1.0 5000.00
465 某某基金管理有限公司	某某基金创新成长混合型证券投资基金	010284	0.01 1.0 15000.00
466 某某证券股份有限公司	某某证券中短债债券型证券投资基金A类份额	006829	0.01 1.0 50000.00
467 某某基金管理有限公司	某某基金稳健增利混合型证券投资基金	001245	0.01 1.0 10000.00
468 某某银行股份有限公司	某某银行理财纯债债券型证券投资基金C类份额	008733	0.00 1.0 20000.00
469 某某资产管理有限公司	某某资产聚利一年定期开放债券型发起式证券投资基金	003517	0.01 1.0 30000.00
470 某某证券股份有限公司	某某证券量化精选股票型证券投资基金	005962	0.02 1.0 5000.00
471 某某基金管理有限公司	某某基金创新成长混合型证券投资基金	010284	0.01 1.0 15000.00
472 某某证券股份有限公司	某某证券中短债债券型证券投资基金A类份额	006829	0.01 1.0 50000.00
473 某某基金管理有限公司	某某基金稳健增利混合型证券投资基金	001245	0.01 1.0 10000.00
474 某某银行股份有限公司	某某银行理财纯债债券型证券投资基金C类份额	008733	0.00 1.0 20000.00
475 某某资产管理有限公司	某某资产聚利一年定期开放债券型发起式证券投资基金	003517	0.01 1.0 30000.00
476 某某证券股份有限公司	某某证券量化精选股票型证券投资基金	005962	0.02 1.0 5000.00
477 某某基金管理有限公司	某某基金创新成长混合型证券投资基金	010284	0.01 1.0 15000.00
478 某某证券股份有限公司	某某证券中短债债券型证券投资基金A类份额	006829	0.01 1.0 50000.00
479 某某基金管理有限公司	某某基金稳健增利混合型证券投资基金	001245	0.01 1.0 10000.00
480 某某银行股份有限公司	某某银行理财纯债债券型证券投资基金C类份额	008733	0.00 1.0 20000.00
481 某某资产管理有限公司	某某资产聚利一年定期开放债券型发起式证券投资基金	003517	0.01 1.0 30000.00
482 某某证券股份有限公司	某某证券量化精选股票型证券投资基金	005962	0.02 1.0 5000.00
483 某某基金管理有限公司	某某基金创新成长混合型证券投资基金	010284	0.01 1.0 15000.00
484 某某证券股份有限公司	某某证券中短债债券型证券投资基金A类份额	006829	0.01 1.0 50000.00
485 某某基金管理有限公司	某某基金稳健增利混合型证券投资基金	001245	0.01 1.0 10000.00
486 某某银行股份有限公司	某某银行理财纯债债券型证券投资基金C类份额	008733	0.00 1.0 20000.00
487 某某资产管理有限公司	某某资产聚利一年定期开放债券型发起式证券投资基金	003517	0.01 1.0 30000.00
488 某某证券股份有限公司	某某证券量化精选股票型证券投资基金	005962	0.02 1.0 5000.00
489 某某基金管理有限公司	某某基金创新成长混合型证券投资基金	010284	0.01 1.0 15000.00
490 某某证券股份有限公司	某某证券中短债债券型证券投资基金A类份额	006829	0.01 1.0 50000.00
491 某某基金管理有限公司	某某基金稳健增利混合型证券投资基金	001245	0.01 1.0 10000.00
492 某某银行股份有限公司	某某银行理财纯债债券型证券投资基金C类份额	008733	0.00 1.0 20000.00
(下转A23版)
